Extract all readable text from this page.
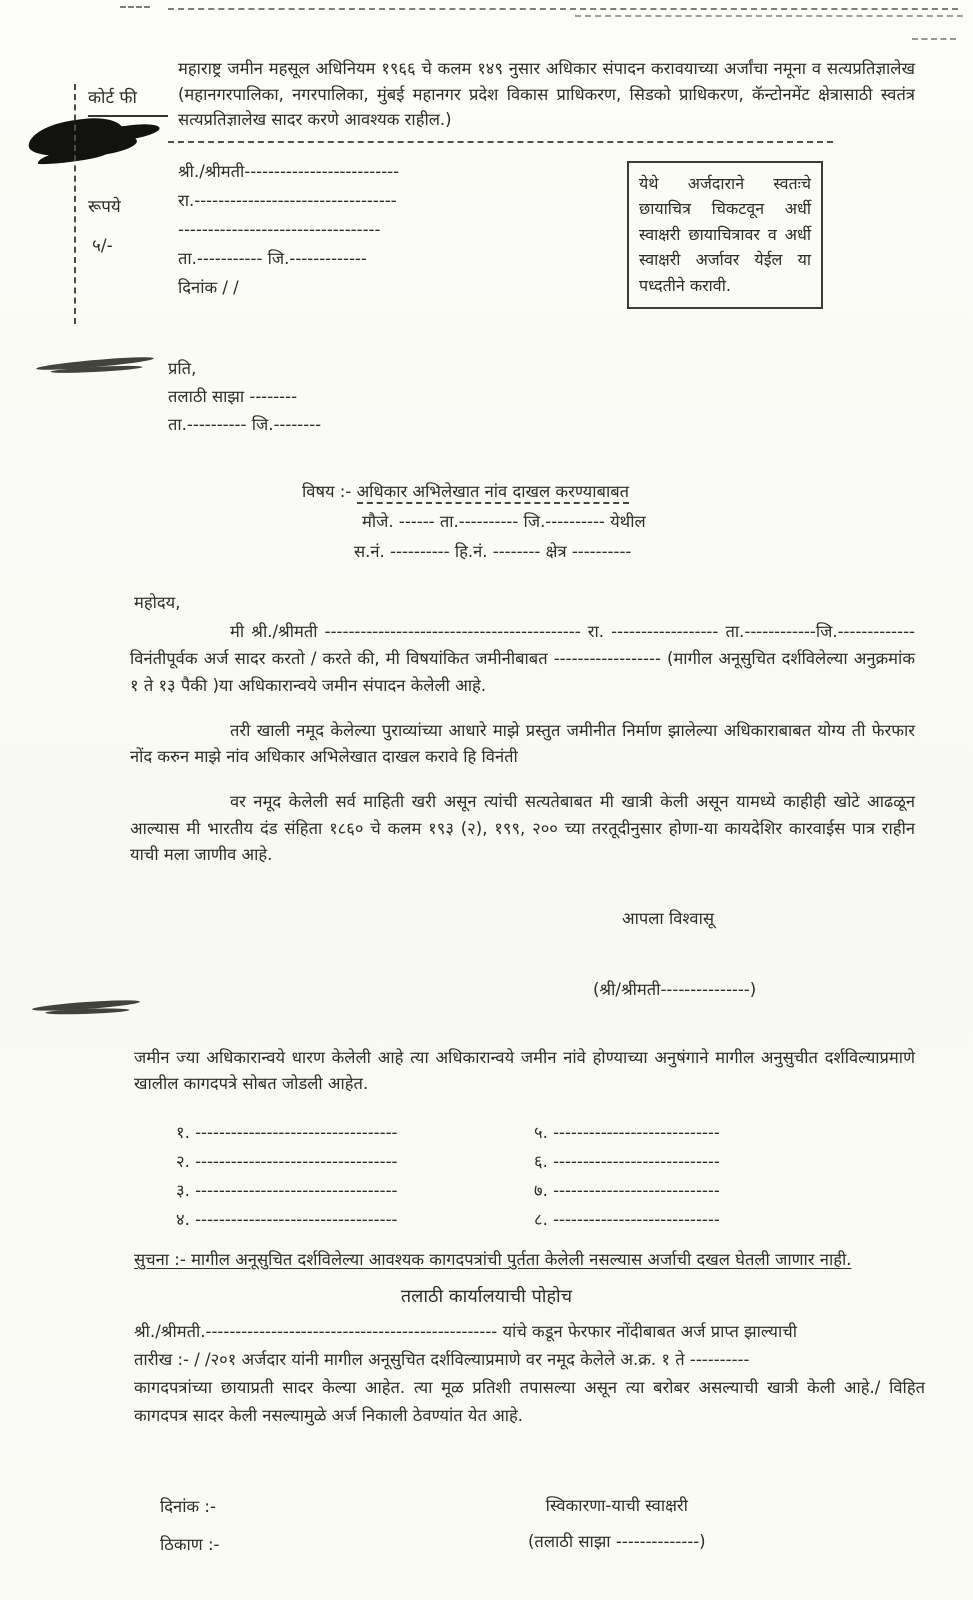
कोर्ट फी
रूपये
५/-

महाराष्ट्र जमीन महसूल अधिनियम १९६६ चे कलम १४९ नुसार अधिकार संपादन करावयाच्या अर्जांचा नमूना व सत्यप्रतिज्ञालेख (महानगरपालिका, नगरपालिका, मुंबई महानगर प्रदेश विकास प्राधिकरण, सिडको प्राधिकरण, कॅन्टोनमेंट क्षेत्रासाठी स्वतंत्र सत्यप्रतिज्ञालेख सादर करणे आवश्यक राहील.)

श्री./श्रीमती--------------------------
रा.----------------------------------
----------------------------------
ता.----------- जि.-------------
दिनांक / /
येथे अर्जदाराने स्वतःचे छायाचित्र चिकटवून अर्धी स्वाक्षरी छायाचित्रावर व अर्धी स्वाक्षरी अर्जावर येईल या पध्दतीने करावी.
प्रति,
तलाठी साझा --------
ता.---------- जि.--------
विषय :- अधिकार अभिलेखात नांव दाखल करण्याबाबत
मौजे. ------ ता.---------- जि.---------- येथील
स.नं. ---------- हि.नं. -------- क्षेत्र ----------

महोदय,

मी श्री./श्रीमती ------------------------------------------- रा. ------------------ ता.------------जि.------------- विनंतीपूर्वक अर्ज सादर करतो / करते की, मी विषयांकित जमीनीबाबत ------------------ (मागील अनूसुचित दर्शविलेल्या अनुक्रमांक १ ते १३ पैकी )या अधिकारान्वये जमीन संपादन केलेली आहे.

तरी खाली नमूद केलेल्या पुराव्यांच्या आधारे माझे प्रस्तुत जमीनीत निर्माण झालेल्या अधिकाराबाबत योग्य ती फेरफार नोंद करुन माझे नांव अधिकार अभिलेखात दाखल करावे हि विनंती

वर नमूद केलेली सर्व माहिती खरी असून त्यांची सत्यतेबाबत मी खात्री केली असून यामध्ये काहीही खोटे आढळून आल्यास मी भारतीय दंड संहिता १८६० चे कलम १९३ (२), १९९, २०० च्या तरतूदीनुसार होणा-या कायदेशिर कारवाईस पात्र राहीन याची मला जाणीव आहे.

आपला विश्वासू
(श्री/श्रीमती---------------)

जमीन ज्या अधिकारान्वये धारण केलेली आहे त्या अधिकारान्वये जमीन नांवे होण्याच्या अनुषंगाने मागील अनुसुचीत दर्शविल्याप्रमाणे खालील कागदपत्रे सोबत जोडली आहेत.

१. ----------------------------------
२. ----------------------------------
३. ----------------------------------
४. ----------------------------------
५. ----------------------------
६. ----------------------------
७. ----------------------------
८. ----------------------------

सुचना :- मागील अनूसुचित दर्शविलेल्या आवश्यक कागदपत्रांची पुर्तता केलेली नसल्यास अर्जाची दखल घेतली जाणार नाही.

तलाठी कार्यालयाची पोहोच
श्री./श्रीमती.------------------------------------------------- यांचे कडून फेरफार नोंदीबाबत अर्ज प्राप्त झाल्याची
तारीख :- / /२०१ अर्जदार यांनी मागील अनूसुचित दर्शविल्याप्रमाणे वर नमूद केलेले अ.क्र. १ ते ----------
कागदपत्रांच्या छायाप्रती सादर केल्या आहेत. त्या मूळ प्रतिशी तपासल्या असून त्या बरोबर असल्याची खात्री केली आहे./ विहित कागदपत्र सादर केली नसल्यामुळे अर्ज निकाली ठेवण्यांत येत आहे.
दिनांक :-
ठिकाण :-
स्विकारणा-याची स्वाक्षरी
(तलाठी साझा --------------)
